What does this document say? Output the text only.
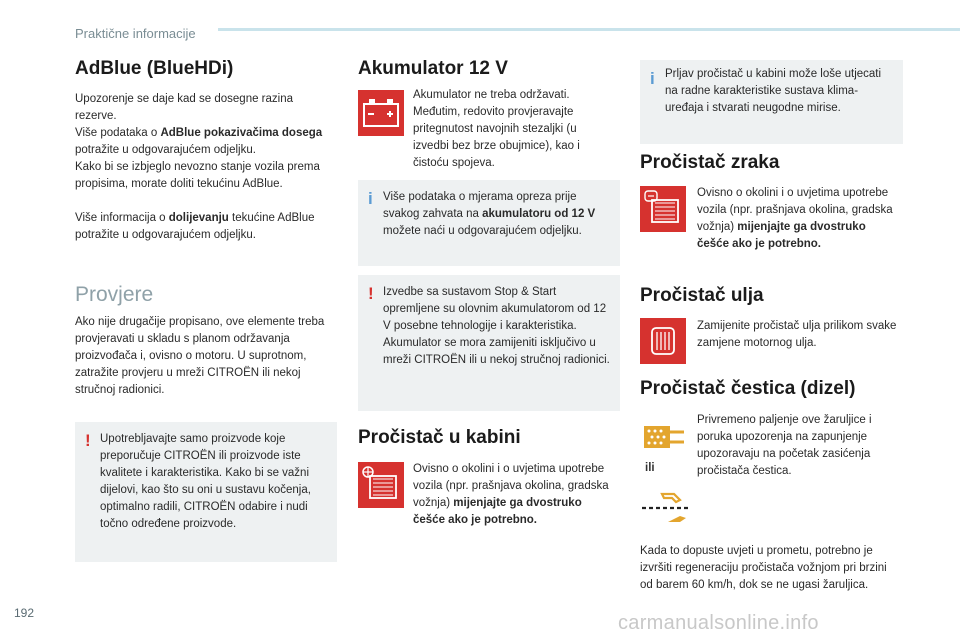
Praktične informacije
AdBlue (BlueHDi)
Upozorenje se daje kad se dosegne razina rezerve.
Više podataka o AdBlue pokazivačima dosega potražite u odgovarajućem odjeljku.
Kako bi se izbjeglo nevozno stanje vozila prema propisima, morate doliti tekućinu AdBlue.
Više informacija o dolijevanju tekućine AdBlue potražite u odgovarajućem odjeljku.
Provjere
Ako nije drugačije propisano, ove elemente treba provjeravati u skladu s planom održavanja proizvođača i, ovisno o motoru. U suprotnom, zatražite provjeru u mreži CITROËN ili nekoj stručnoj radionici.
! Upotrebljavajte samo proizvode koje preporučuje CITROËN ili proizvode iste kvalitete i karakteristika. Kako bi se važni dijelovi, kao što su oni u sustavu kočenja, optimalno radili, CITROËN odabire i nudi točno određene proizvode.
Akumulator 12 V
Akumulator ne treba održavati. Međutim, redovito provjeravajte pritegnutost navojnih stezaljki (u izvedbi bez brze obujmice), kao i čistoću spojeva.
i Više podataka o mjerama opreza prije svakog zahvata na akumulatoru od 12 V možete naći u odgovarajućem odjeljku.
! Izvedbe sa sustavom Stop & Start opremljene su olovnim akumulatorom od 12 V posebne tehnologije i karakteristika. Akumulator se mora zamijeniti isključivo u mreži CITROËN ili u nekoj stručnoj radionici.
Pročistač u kabini
Ovisno o okolini i o uvjetima upotrebe vozila (npr. prašnjava okolina, gradska vožnja) mijenjajte ga dvostruko češće ako je potrebno.
i Prljav pročistač u kabini može loše utjecati na radne karakteristike sustava klima-uređaja i stvarati neugodne mirise.
Pročistač zraka
Ovisno o okolini i o uvjetima upotrebe vozila (npr. prašnjava okolina, gradska vožnja) mijenjajte ga dvostruko češće ako je potrebno.
Pročistač ulja
Zamijenite pročistač ulja prilikom svake zamjene motornog ulja.
Pročistač čestica (dizel)
ili
Privremeno paljenje ove žaruljice i poruka upozorenja na zapunjenje upozoravaju na početak zasićenja pročistača čestica.
Kada to dopuste uvjeti u prometu, potrebno je izvršiti regeneraciju pročistača vožnjom pri brzini od barem 60 km/h, dok se ne ugasi žaruljica.
192	carmanualsonline.info
